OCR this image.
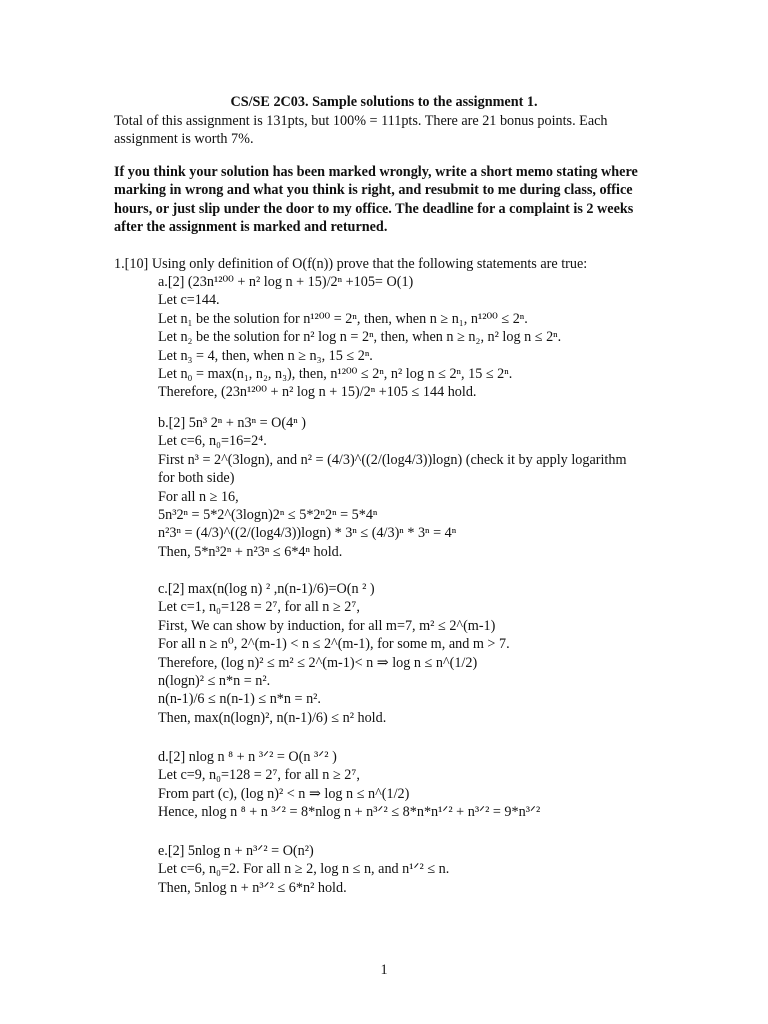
CS/SE 2C03. Sample solutions to the assignment 1.
Total of this assignment is 131pts, but 100% = 111pts. There are 21 bonus points. Each assignment is worth 7%.
If you think your solution has been marked wrongly, write a short memo stating where marking in wrong and what you think is right, and resubmit to me during class, office hours, or just slip under the door to my office. The deadline for a complaint is 2 weeks after the assignment is marked and returned.
1.[10] Using only definition of O(f(n)) prove that the following statements are true:
a.[2] (23n¹²⁰⁰ + n² log n + 15)/2ⁿ +105= O(1)
Let c=144.
Let n₁ be the solution for n¹²⁰⁰ = 2ⁿ, then, when n ≥ n₁, n¹²⁰⁰ ≤ 2ⁿ.
Let n₂ be the solution for n² log n = 2ⁿ, then, when n ≥ n₂, n² log n ≤ 2ⁿ.
Let n₃ = 4, then, when n ≥ n₃, 15 ≤ 2ⁿ.
Let n₀ = max(n₁, n₂, n₃), then, n¹²⁰⁰ ≤ 2ⁿ, n² log n ≤ 2ⁿ, 15 ≤ 2ⁿ.
Therefore, (23n¹²⁰⁰ + n² log n + 15)/2ⁿ +105 ≤ 144 hold.
b.[2] 5n³ 2ⁿ + n3ⁿ = O(4ⁿ )
Let c=6, n₀=16=2⁴.
First n³ = 2^(3logn), and n² = (4/3)^((2/(log4/3))logn) (check it by apply logarithm for both side)
For all n ≥ 16,
5n³2ⁿ = 5*2^(3logn)2ⁿ ≤ 5*2ⁿ2ⁿ = 5*4ⁿ
n²3ⁿ = (4/3)^((2/(log4/3))logn) * 3ⁿ ≤ (4/3)ⁿ * 3ⁿ = 4ⁿ
Then, 5*n³2ⁿ + n²3ⁿ ≤ 6*4ⁿ hold.
c.[2] max(n(log n) ² ,n(n-1)/6)=O(n ² )
Let c=1, n₀=128 = 2⁷, for all n ≥ 2⁷,
First, We can show by induction, for all m=7, m² ≤ 2^(m-1)
For all n ≥ n⁰, 2^(m-1) < n ≤ 2^(m-1), for some m, and m > 7.
Therefore, (log n)² ≤ m² ≤ 2^(m-1)< n ⇒ log n ≤ n^(1/2)
n(logn)² ≤ n*n = n².
n(n-1)/6 ≤ n(n-1) ≤ n*n = n².
Then, max(n(logn)², n(n-1)/6) ≤ n² hold.
d.[2] nlog n ⁸ + n ³ᐟ² = O(n ³ᐟ² )
Let c=9, n₀=128 = 2⁷, for all n ≥ 2⁷,
From part (c), (log n)² < n ⇒ log n ≤ n^(1/2)
Hence, nlog n ⁸ + n ³ᐟ² = 8*nlog n + n³ᐟ² ≤ 8*n*n¹ᐟ² + n³ᐟ² = 9*n³ᐟ²
e.[2] 5nlog n + n³ᐟ² = O(n²)
Let c=6, n₀=2. For all n ≥ 2, log n ≤ n, and n¹ᐟ² ≤ n.
Then, 5nlog n + n³ᐟ² ≤ 6*n² hold.
1
